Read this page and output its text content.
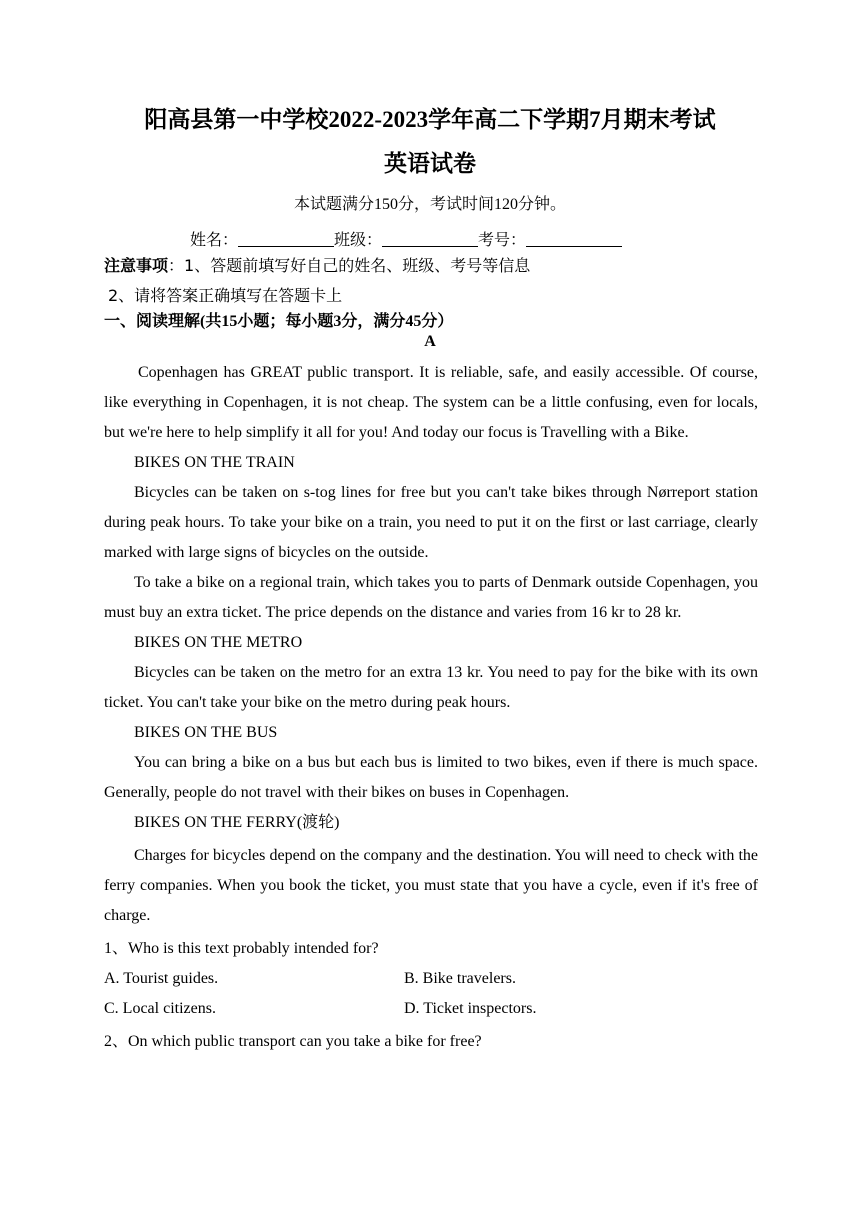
阳高县第一中学校2022-2023学年高二下学期7月期末考试
英语试卷
本试题满分150分，考试时间120分钟。
姓名：	班级：	考号：
注意事项：1、答题前填写好自己的姓名、班级、考号等信息
2、请将答案正确填写在答题卡上
一、阅读理解(共15小题；每小题3分，满分45分）
A

Copenhagen has GREAT public transport. It is reliable, safe, and easily accessible. Of course, like everything in Copenhagen, it is not cheap. The system can be a little confusing, even for locals, but we're here to help simplify it all for you! And today our focus is Travelling with a Bike.

BIKES ON THE TRAIN

Bicycles can be taken on s-tog lines for free but you can't take bikes through Nørreport station during peak hours. To take your bike on a train, you need to put it on the first or last carriage, clearly marked with large signs of bicycles on the outside.

To take a bike on a regional train, which takes you to parts of Denmark outside Copenhagen, you must buy an extra ticket. The price depends on the distance and varies from 16 kr to 28 kr.

BIKES ON THE METRO

Bicycles can be taken on the metro for an extra 13 kr. You need to pay for the bike with its own ticket. You can't take your bike on the metro during peak hours.

BIKES ON THE BUS

You can bring a bike on a bus but each bus is limited to two bikes, even if there is much space. Generally, people do not travel with their bikes on buses in Copenhagen.

BIKES ON THE FERRY(渡轮)

Charges for bicycles depend on the company and the destination. You will need to check with the ferry companies. When you book the ticket, you must state that you have a cycle, even if it's free of charge.

1、Who is this text probably intended for?

A. Tourist guides.	B. Bike travelers.
C. Local citizens.	D. Ticket inspectors.

2、On which public transport can you take a bike for free?
